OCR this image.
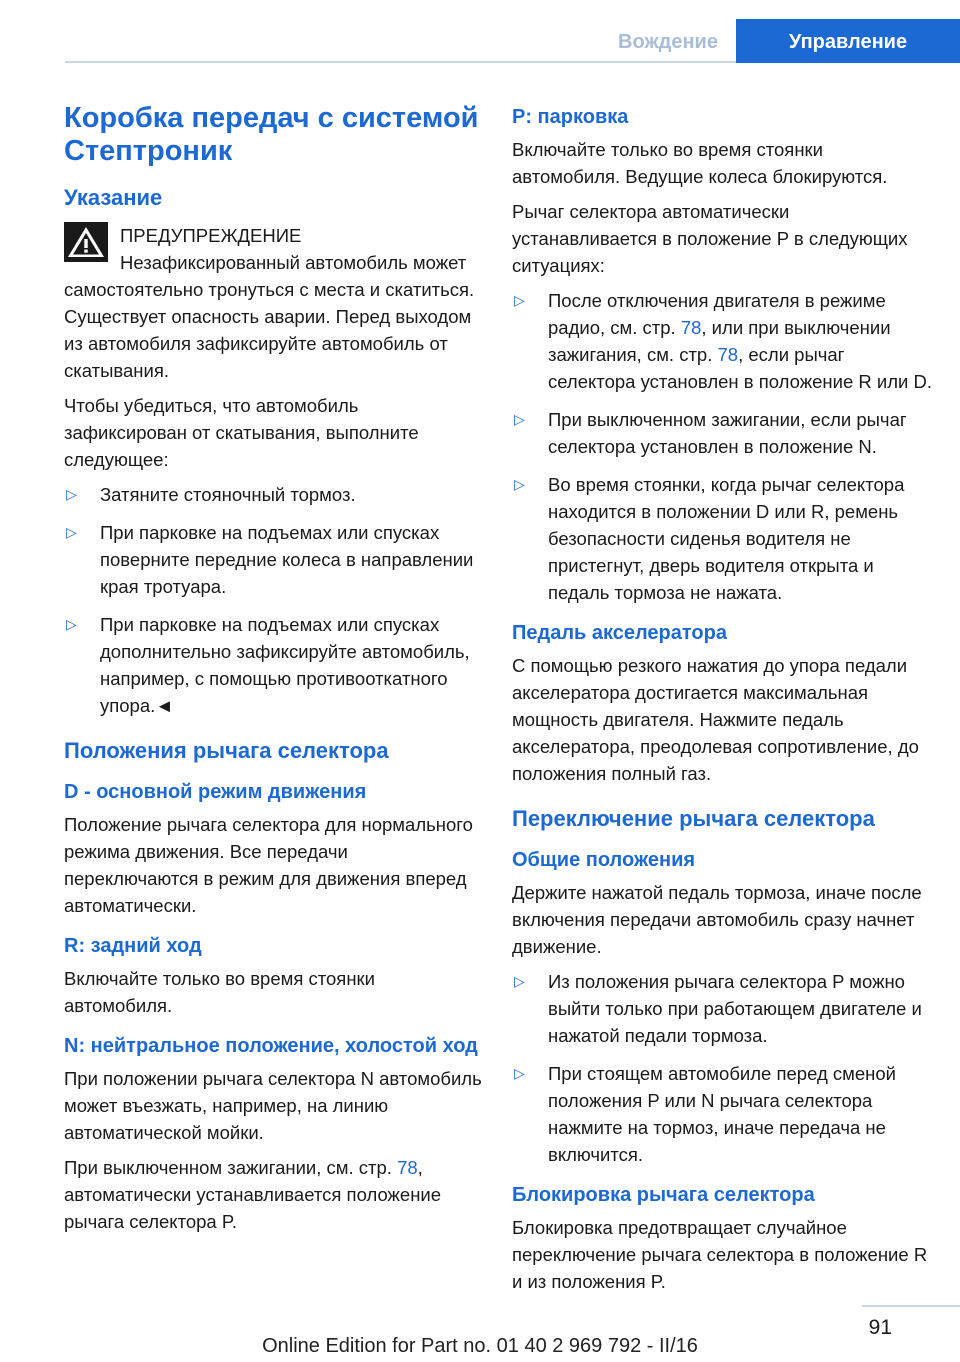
Вождение	Управление
Коробка передач с системой Стептроник
Указание

ПРЕДУПРЕЖДЕНИЕ

Незафиксированный автомобиль может самостоятельно тронуться с места и скатиться. Существует опасность аварии. Перед выходом из автомобиля зафиксируйте автомобиль от скатывания.

Чтобы убедиться, что автомобиль зафиксирован от скатывания, выполните следующее:

▷ Затяните стояночный тормоз.
▷ При парковке на подъемах или спусках поверните передние колеса в направлении края тротуара.
▷ При парковке на подъемах или спусках дополнительно зафиксируйте автомобиль, например, с помощью противооткатного упора.◄
Положения рычага селектора
D - основной режим движения

Положение рычага селектора для нормального режима движения. Все передачи переключаются в режим для движения вперед автоматически.

R: задний ход

Включайте только во время стоянки автомобиля.

N: нейтральное положение, холостой ход

При положении рычага селектора N автомобиль может въезжать, например, на линию автоматической мойки.

При выключенном зажигании, см. стр. 78, автоматически устанавливается положение рычага селектора P.

P: парковка

Включайте только во время стоянки автомобиля. Ведущие колеса блокируются.

Рычаг селектора автоматически устанавливается в положение P в следующих ситуациях:

▷ После отключения двигателя в режиме радио, см. стр. 78, или при выключении зажигания, см. стр. 78, если рычаг селектора установлен в положение R или D.
▷ При выключенном зажигании, если рычаг селектора установлен в положение N.
▷ Во время стоянки, когда рычаг селектора находится в положении D или R, ремень безопасности сиденья водителя не пристегнут, дверь водителя открыта и педаль тормоза не нажата.
Педаль акселератора

С помощью резкого нажатия до упора педали акселератора достигается максимальная мощность двигателя. Нажмите педаль акселератора, преодолевая сопротивление, до положения полный газ.

Переключение рычага селектора
Общие положения

Держите нажатой педаль тормоза, иначе после включения передачи автомобиль сразу начнет движение.

▷ Из положения рычага селектора P можно выйти только при работающем двигателе и нажатой педали тормоза.
▷ При стоящем автомобиле перед сменой положения P или N рычага селектора нажмите на тормоз, иначе передача не включится.
Блокировка рычага селектора

Блокировка предотвращает случайное переключение рычага селектора в положение R и из положения P.

91
Online Edition for Part no. 01 40 2 969 792 - II/16
